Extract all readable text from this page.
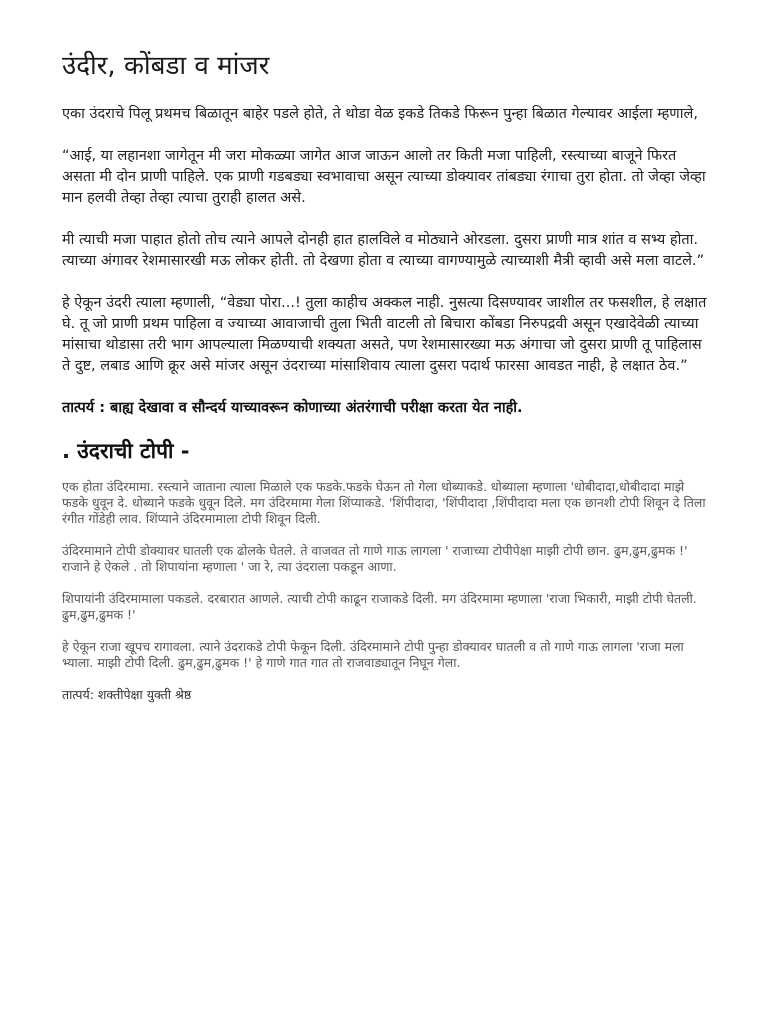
उंदीर, कोंबडा व मांजर

एका उंदराचे पिलू प्रथमच बिळातून बाहेर पडले होते, ते थोडा वेळ इकडे तिकडे फिरून पुन्हा बिळात गेल्यावर आईला म्हणाले,

“आई, या लहानशा जागेतून मी जरा मोकळ्या जागेत आज जाऊन आलो तर किती मजा पाहिली, रस्त्याच्या बाजूने फिरत असता मी दोन प्राणी पाहिले. एक प्राणी गडबड्या स्वभावाचा असून त्याच्या डोक्यावर तांबड्या रंगाचा तुरा होता. तो जेव्हा जेव्हा मान हलवी तेव्हा तेव्हा त्याचा तुराही हालत असे.

मी त्याची मजा पाहात होतो तोच त्याने आपले दोनही हात हालविले व मोठ्याने ओरडला. दुसरा प्राणी मात्र शांत व सभ्य होता. त्याच्या अंगावर रेशमासारखी मऊ लोकर होती. तो देखणा होता व त्याच्या वागण्यामुळे त्याच्याशी मैत्री व्हावी असे मला वाटले.”

हे ऐकून उंदरी त्याला म्हणाली, “वेड्या पोरा...! तुला काहीच अक्कल नाही. नुसत्या दिसण्यावर जाशील तर फसशील, हे लक्षात घे. तू जो प्राणी प्रथम पाहिला व ज्याच्या आवाजाची तुला भिती वाटली तो बिचारा कोंबडा निरुपद्रवी असून एखादेवेळी त्याच्या मांसाचा थोडासा तरी भाग आपल्याला मिळण्याची शक्यता असते, पण रेशमासारख्या मऊ अंगाचा जो दुसरा प्राणी तू पाहिलास ते दुष्ट, लबाड आणि क्रूर असे मांजर असून उंदराच्या मांसाशिवाय त्याला दुसरा पदार्थ फारसा आवडत नाही, हे लक्षात ठेव.”

तात्पर्य : बाह्य देखावा व सौन्दर्य याच्यावरून कोणाच्या अंतरंगाची परीक्षा करता येत नाही.

. उंदराची टोपी -

एक होता उंदिरमामा. रस्त्याने जाताना त्याला मिळाले एक फडके.फडके घेऊन तो गेला धोब्याकडे. धोब्याला म्हणाला 'धोबीदादा,धोबीदादा माझे फडके धुवून दे. धोब्याने फडके धुवून दिले. मग उंदिरमामा गेला शिंप्याकडे. 'शिंपीदादा, 'शिंपीदादा ,शिंपीदादा मला एक छानशी टोपी शिवून दे तिला रंगीत गोंडेही लाव. शिंप्याने उंदिरमामाला टोपी शिवून दिली.

उंदिरमामाने टोपी डोक्यावर घातली एक ढोलके घेतले. ते वाजवत तो गाणे गाऊ लागला ' राजाच्या टोपीपेक्षा माझी टोपी छान. ढुम,ढुम,ढुमक !' राजाने हे ऐकले . तो शिपायांना म्हणाला ' जा रे, त्या उंदराला पकडून आणा.

शिपायांनी उंदिरमामाला पकडले. दरबारात आणले. त्याची टोपी काढून राजाकडे दिली. मग उंदिरमामा म्हणाला 'राजा भिकारी, माझी टोपी घेतली. ढुम,ढुम,ढुमक !'

हे ऐकून राजा खूपच रागावला. त्याने उंदराकडे टोपी फेकून दिली. उंदिरमामाने टोपी पुन्हा डोक्यावर घातली व तो गाणे गाऊ लागला 'राजा मला भ्याला. माझी टोपी दिली. ढुम,ढुम,ढुमक !' हे गाणे गात गात तो राजवाड्यातून निघून गेला.

तात्पर्य: शक्तीपेक्षा युक्ती श्रेष्ठ
